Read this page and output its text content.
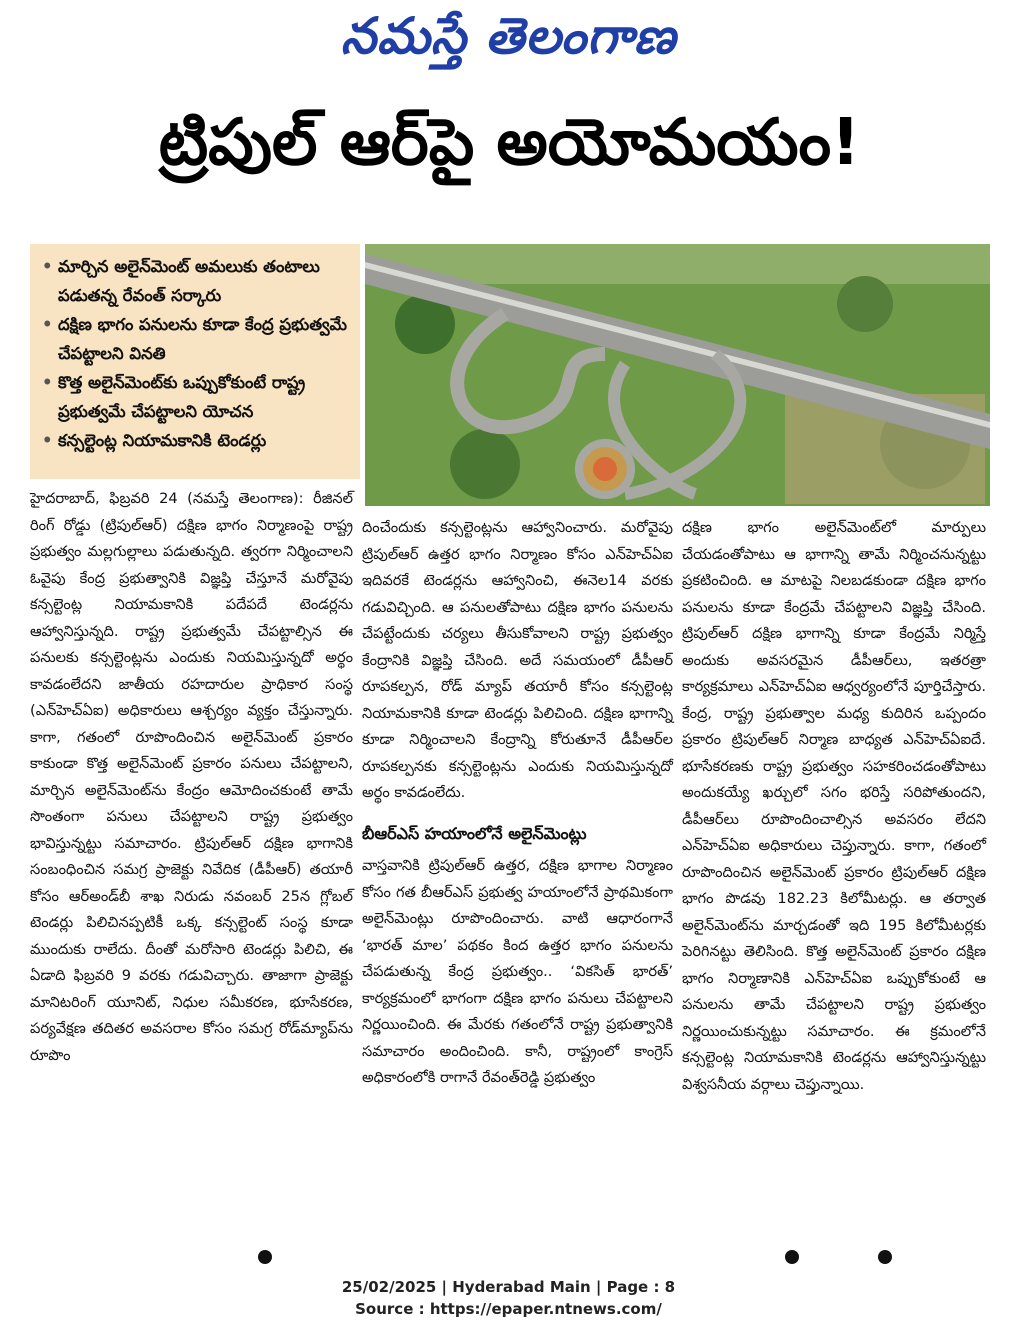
నమస్తే తెలంగాణ
ట్రిపుల్ ఆర్‌పై అయోమయం!
• మార్చిన అలైన్‌మెంట్ అమలుకు తంటాలు పడుతన్న రేవంత్ సర్కారు
• దక్షిణ భాగం పనులను కూడా కేంద్ర ప్రభుత్వమే చేపట్టాలని వినతి
• కొత్త అలైన్‌మెంట్‌కు ఒప్పుకోకుంటే రాష్ట్ర ప్రభుత్వమే చేపట్టాలని యోచన
• కన్సల్టెంట్ల నియామకానికి టెండర్లు

హైదరాబాద్, ఫిబ్రవరి 24 (నమస్తే తెలంగాణ): రీజినల్ రింగ్ రోడ్డు (ట్రిపుల్‌ఆర్) దక్షిణ భాగం నిర్మాణంపై రాష్ట్ర ప్రభుత్వం మల్లగుల్లాలు పడుతున్నది. త్వరగా నిర్మించాలని ఓవైపు కేంద్ర ప్రభుత్వానికి విజ్ఞప్తి చేస్తూనే మరోవైపు కన్సల్టెంట్ల నియామకానికి పదేపదే టెండర్లను ఆహ్వానిస్తున్నది. రాష్ట్ర ప్రభుత్వమే చేపట్టాల్సిన ఈ పనులకు కన్సల్టెంట్లను ఎందుకు నియమిస్తున్నదో అర్థం కావడంలేదని జాతీయ రహదారుల ప్రాధికార సంస్థ (ఎన్‌హెచ్‌ఏఐ) అధికారులు ఆశ్చర్యం వ్యక్తం చేస్తున్నారు. కాగా, గతంలో రూపొందించిన అలైన్‌మెంట్ ప్రకారం కాకుండా కొత్త అలైన్‌మెంట్ ప్రకారం పనులు చేపట్టాలని, మార్చిన అలైన్‌మెంట్‌ను కేంద్రం ఆమోదించకుంటే తామే సొంతంగా పనులు చేపట్టాలని రాష్ట్ర ప్రభుత్వం భావిస్తున్నట్టు సమాచారం. ట్రిపుల్‌ఆర్ దక్షిణ భాగానికి సంబంధించిన సమగ్ర ప్రాజెక్టు నివేదిక (డీపీఆర్) తయారీ కోసం ఆర్‌అండ్‌బీ శాఖ నిరుడు నవంబర్ 25న గ్లోబల్ టెండర్లు పిలిచినప్పటికీ ఒక్క కన్సల్టెంట్ సంస్థ కూడా ముందుకు రాలేదు. దీంతో మరోసారి టెండర్లు పిలిచి, ఈ ఏడాది ఫిబ్రవరి 9 వరకు గడువిచ్చారు. తాజాగా ప్రాజెక్టు మానిటరింగ్ యూనిట్, నిధుల సమీకరణ, భూసేకరణ, పర్యవేక్షణ తదితర అవసరాల కోసం సమగ్ర రోడ్‌మ్యాప్‌ను రూపొం

దించేందుకు కన్సల్టెంట్లను ఆహ్వానించారు. మరోవైపు ట్రిపుల్‌ఆర్ ఉత్తర భాగం నిర్మాణం కోసం ఎన్‌హెచ్‌ఏఐ ఇదివరకే టెండర్లను ఆహ్వానించి, ఈనెల14 వరకు గడువిచ్చింది. ఆ పనులతోపాటు దక్షిణ భాగం పనులను చేపట్టేందుకు చర్యలు తీసుకోవాలని రాష్ట్ర ప్రభుత్వం కేంద్రానికి విజ్ఞప్తి చేసింది. అదే సమయంలో డీపీఆర్ రూపకల్పన, రోడ్ మ్యాప్ తయారీ కోసం కన్సల్టెంట్ల నియామకానికి కూడా టెండర్లు పిలిచింది. దక్షిణ భాగాన్ని కూడా నిర్మించాలని కేంద్రాన్ని కోరుతూనే డీపీఆర్‌ల రూపకల్పనకు కన్సల్టెంట్లను ఎందుకు నియమిస్తున్నదో అర్థం కావడంలేదు.

బీఆర్‌ఎస్ హయాంలోనే అలైన్‌మెంట్లు

వాస్తవానికి ట్రిపుల్‌ఆర్ ఉత్తర, దక్షిణ భాగాల నిర్మాణం కోసం గత బీఆర్‌ఎస్ ప్రభుత్వ హయాంలోనే ప్రాథమికంగా అలైన్‌మెంట్లు రూపొందించారు. వాటి ఆధారంగానే ‘భారత్ మాల’ పథకం కింద ఉత్తర భాగం పనులను చేపడుతున్న కేంద్ర ప్రభుత్వం.. ‘వికసిత్ భారత్’ కార్యక్రమంలో భాగంగా దక్షిణ భాగం పనులు చేపట్టాలని నిర్ణయించింది. ఈ మేరకు గతంలోనే రాష్ట్ర ప్రభుత్వానికి సమాచారం అందించింది. కానీ, రాష్ట్రంలో కాంగ్రెస్ అధికారంలోకి రాగానే రేవంత్‌రెడ్డి ప్రభుత్వం

దక్షిణ భాగం అలైన్‌మెంట్‌లో మార్పులు చేయడంతోపాటు ఆ భాగాన్ని తామే నిర్మించనున్నట్టు ప్రకటించింది. ఆ మాటపై నిలబడకుండా దక్షిణ భాగం పనులను కూడా కేంద్రమే చేపట్టాలని విజ్ఞప్తి చేసింది. ట్రిపుల్‌ఆర్ దక్షిణ భాగాన్ని కూడా కేంద్రమే నిర్మిస్తే అందుకు అవసరమైన డీపీఆర్‌లు, ఇతరత్రా కార్యక్రమాలు ఎన్‌హెచ్‌ఏఐ ఆధ్వర్యంలోనే పూర్తిచేస్తారు. కేంద్ర, రాష్ట్ర ప్రభుత్వాల మధ్య కుదిరిన ఒప్పందం ప్రకారం ట్రిపుల్‌ఆర్ నిర్మాణ బాధ్యత ఎన్‌హెచ్‌ఏఐదే. భూసేకరణకు రాష్ట్ర ప్రభుత్వం సహకరించడంతోపాటు అందుకయ్యే ఖర్చులో సగం భరిస్తే సరిపోతుందని, డీపీఆర్‌లు రూపొందించాల్సిన అవసరం లేదని ఎన్‌హెచ్‌ఏఐ అధికారులు చెప్తున్నారు. కాగా, గతంలో రూపొందించిన అలైన్‌మెంట్ ప్రకారం ట్రిపుల్‌ఆర్ దక్షిణ భాగం పొడవు 182.23 కిలోమీటర్లు. ఆ తర్వాత అలైన్‌మెంట్‌ను మార్చడంతో ఇది 195 కిలోమీటర్లకు పెరిగినట్టు తెలిసింది. కొత్త అలైన్‌మెంట్ ప్రకారం దక్షిణ భాగం నిర్మాణానికి ఎన్‌హెచ్‌ఏఐ ఒప్పుకోకుంటే ఆ పనులను తామే చేపట్టాలని రాష్ట్ర ప్రభుత్వం నిర్ణయించుకున్నట్టు సమాచారం. ఈ క్రమంలోనే కన్సల్టెంట్ల నియామకానికి టెండర్లను ఆహ్వానిస్తున్నట్టు విశ్వసనీయ వర్గాలు చెప్తున్నాయి.

25/02/2025 | Hyderabad Main | Page : 8
Source : https://epaper.ntnews.com/
